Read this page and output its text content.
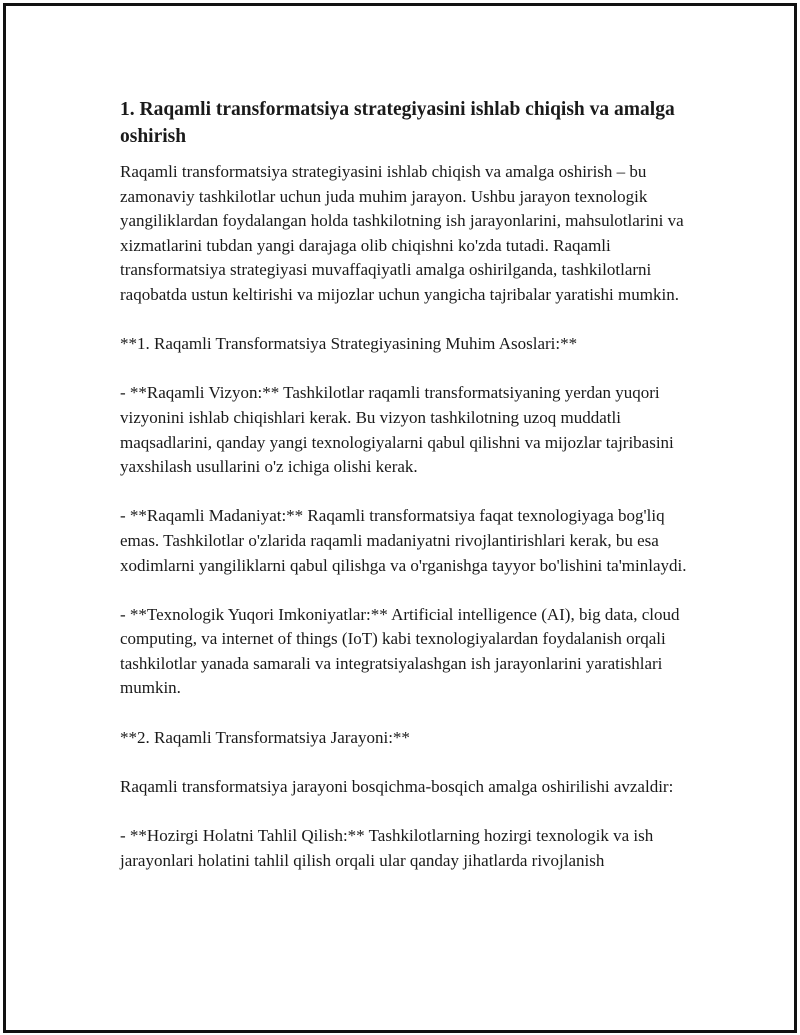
1. Raqamli transformatsiya strategiyasini ishlab chiqish va amalga oshirish

Raqamli transformatsiya strategiyasini ishlab chiqish va amalga oshirish – bu zamonaviy tashkilotlar uchun juda muhim jarayon. Ushbu jarayon texnologik yangiliklardan foydalangan holda tashkilotning ish jarayonlarini, mahsulotlarini va xizmatlarini tubdan yangi darajaga olib chiqishni ko'zda tutadi. Raqamli transformatsiya strategiyasi muvaffaqiyatli amalga oshirilganda, tashkilotlarni raqobatda ustun keltirishi va mijozlar uchun yangicha tajribalar yaratishi mumkin.

**1. Raqamli Transformatsiya Strategiyasining Muhim Asoslari:**

- **Raqamli Vizyon:** Tashkilotlar raqamli transformatsiyaning yerdan yuqori vizyonini ishlab chiqishlari kerak. Bu vizyon tashkilotning uzoq muddatli maqsadlarini, qanday yangi texnologiyalarni qabul qilishni va mijozlar tajribasini yaxshilash usullarini o'z ichiga olishi kerak.

- **Raqamli Madaniyat:** Raqamli transformatsiya faqat texnologiyaga bog'liq emas. Tashkilotlar o'zlarida raqamli madaniyatni rivojlantirishlari kerak, bu esa xodimlarni yangiliklarni qabul qilishga va o'rganishga tayyor bo'lishini ta'minlaydi.

- **Texnologik Yuqori Imkoniyatlar:** Artificial intelligence (AI), big data, cloud computing, va internet of things (IoT) kabi texnologiyalardan foydalanish orqali tashkilotlar yanada samarali va integratsiyalashgan ish jarayonlarini yaratishlari mumkin.

**2. Raqamli Transformatsiya Jarayoni:**

Raqamli transformatsiya jarayoni bosqichma-bosqich amalga oshirilishi avzaldir:

- **Hozirgi Holatni Tahlil Qilish:** Tashkilotlarning hozirgi texnologik va ish jarayonlari holatini tahlil qilish orqali ular qanday jihatlarda rivojlanish
